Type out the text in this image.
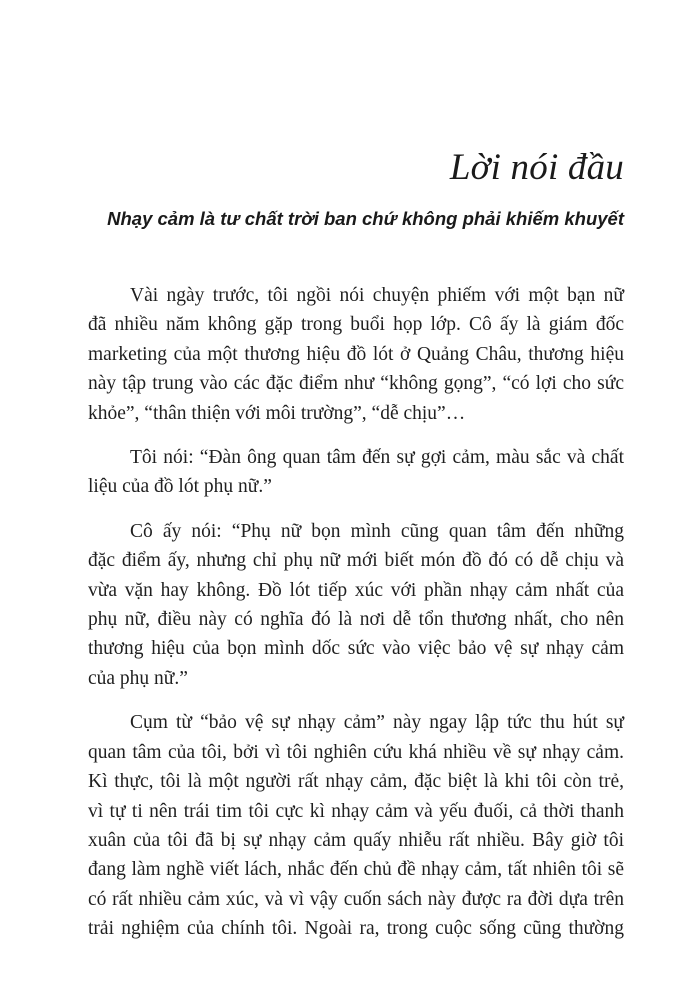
Lời nói đầu
Nhạy cảm là tư chất trời ban chứ không phải khiếm khuyết

Vài ngày trước, tôi ngồi nói chuyện phiếm với một bạn nữ
đã nhiều năm không gặp trong buổi họp lớp. Cô ấy là giám đốc
marketing của một thương hiệu đồ lót ở Quảng Châu, thương hiệu
này tập trung vào các đặc điểm như “không gọng”, “có lợi cho sức
khỏe”, “thân thiện với môi trường”, “dễ chịu”…

Tôi nói: “Đàn ông quan tâm đến sự gợi cảm, màu sắc và chất
liệu của đồ lót phụ nữ.”

Cô ấy nói: “Phụ nữ bọn mình cũng quan tâm đến những
đặc điểm ấy, nhưng chỉ phụ nữ mới biết món đồ đó có dễ chịu và
vừa vặn hay không. Đồ lót tiếp xúc với phần nhạy cảm nhất của
phụ nữ, điều này có nghĩa đó là nơi dễ tổn thương nhất, cho nên
thương hiệu của bọn mình dốc sức vào việc bảo vệ sự nhạy cảm
của phụ nữ.”

Cụm từ “bảo vệ sự nhạy cảm” này ngay lập tức thu hút sự
quan tâm của tôi, bởi vì tôi nghiên cứu khá nhiều về sự nhạy cảm.
Kì thực, tôi là một người rất nhạy cảm, đặc biệt là khi tôi còn trẻ,
vì tự ti nên trái tim tôi cực kì nhạy cảm và yếu đuối, cả thời thanh
xuân của tôi đã bị sự nhạy cảm quấy nhiễu rất nhiều. Bây giờ tôi
đang làm nghề viết lách, nhắc đến chủ đề nhạy cảm, tất nhiên tôi sẽ
có rất nhiều cảm xúc, và vì vậy cuốn sách này được ra đời dựa trên
trải nghiệm của chính tôi. Ngoài ra, trong cuộc sống cũng thường
